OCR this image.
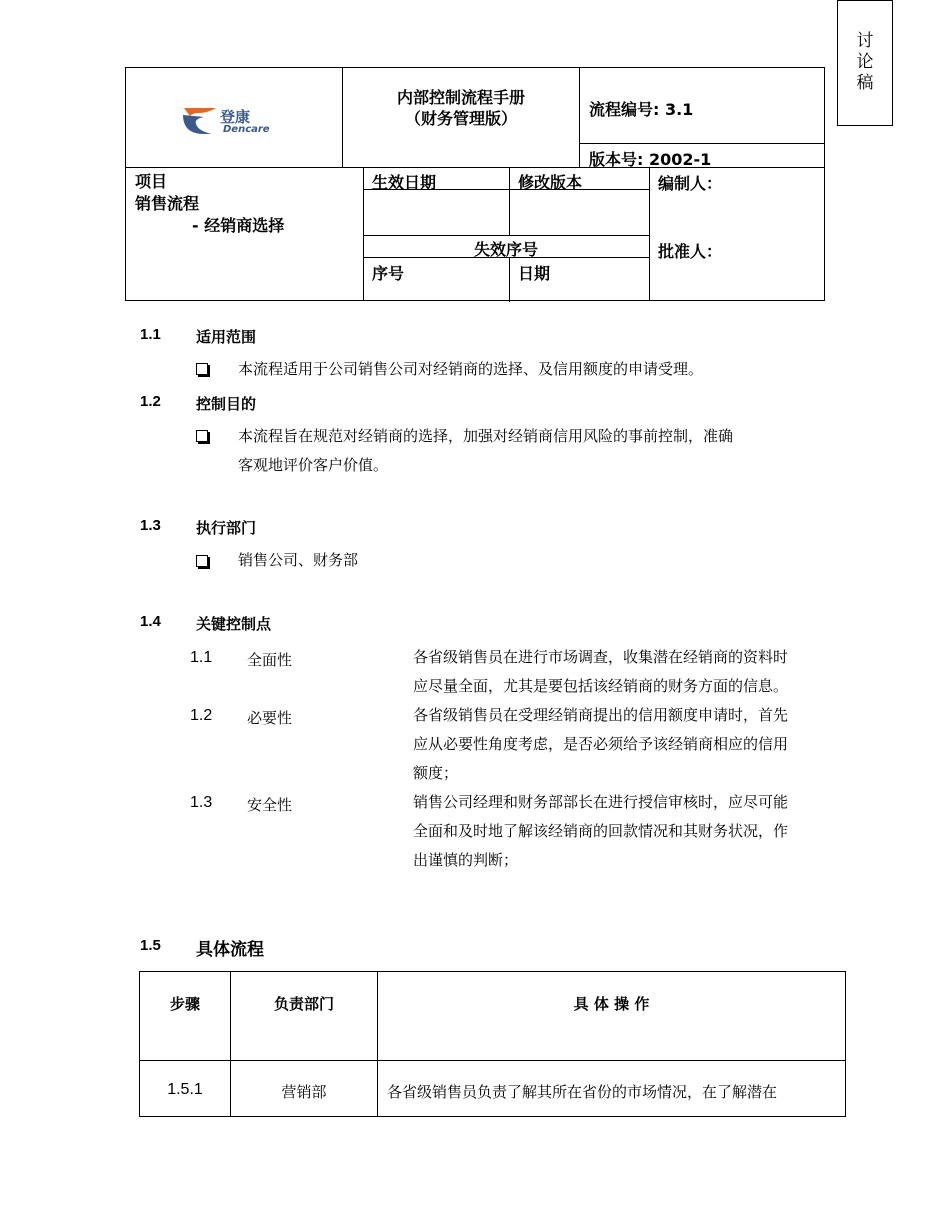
讨
论
稿
登康
Dencare
内部控制流程手册
（财务管理版）	流程编号: 3.1
版本号: 2002-1
项目
销售流程
- 经销商选择
生效日期	修改版本	编制人：
失效序号	批准人：
序号	日期
1.1 适用范围
本流程适用于公司销售公司对经销商的选择、及信用额度的申请受理。
1.2 控制目的
本流程旨在规范对经销商的选择，加强对经销商信用风险的事前控制，准确
客观地评价客户价值。
1.3 执行部门
销售公司、财务部
1.4 关键控制点
1.1 全面性	各省级销售员在进行市场调查，收集潜在经销商的资料时
应尽量全面，尤其是要包括该经销商的财务方面的信息。
1.2 必要性	各省级销售员在受理经销商提出的信用额度申请时，首先
应从必要性角度考虑，是否必须给予该经销商相应的信用
额度；
1.3 安全性	销售公司经理和财务部部长在进行授信审核时，应尽可能
全面和及时地了解该经销商的回款情况和其财务状况，作
出谨慎的判断；
1.5 具体流程
步骤	负责部门	具 体 操 作
1.5.1	营销部	各省级销售员负责了解其所在省份的市场情况，在了解潜在
